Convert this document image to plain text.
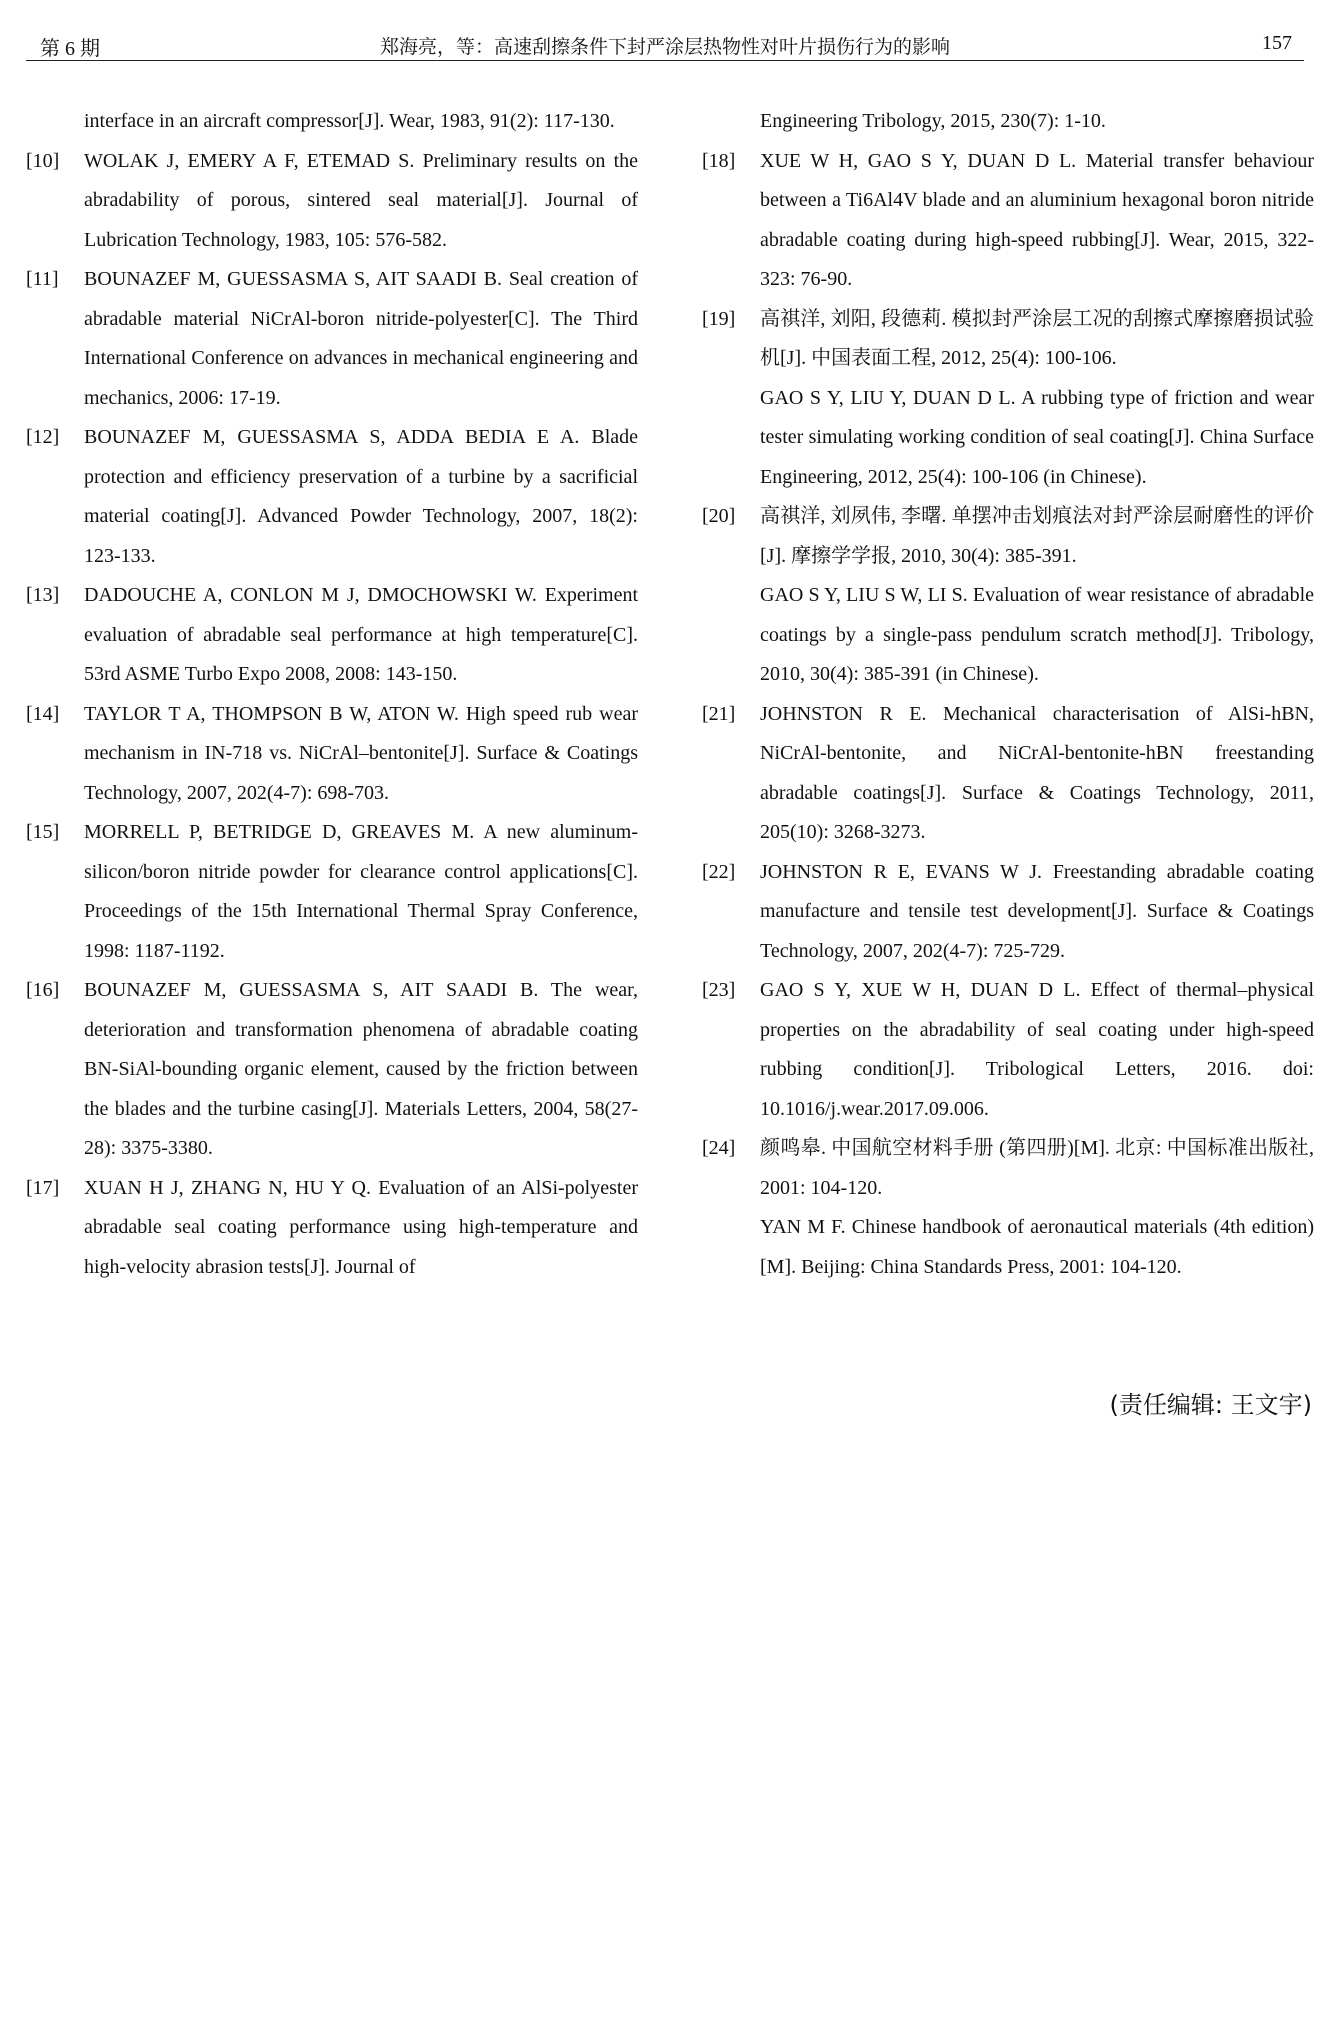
第 6 期	郑海亮，等：高速刮擦条件下封严涂层热物性对叶片损伤行为的影响	157
interface in an aircraft compressor[J]. Wear, 1983, 91(2): 117-130.
[10]	WOLAK J, EMERY A F, ETEMAD S. Preliminary results on the abradability of porous, sintered seal material[J]. Journal of Lubrication Technology, 1983, 105: 576-582.
[11]	BOUNAZEF M, GUESSASMA S, AIT SAADI B. Seal creation of abradable material NiCrAl-boron nitride-polyester[C]. The Third International Conference on advances in mechanical engineering and mechanics, 2006: 17-19.
[12]	BOUNAZEF M, GUESSASMA S, ADDA BEDIA E A. Blade protection and efficiency preservation of a turbine by a sacrificial material coating[J]. Advanced Powder Technology, 2007, 18(2): 123-133.
[13]	DADOUCHE A, CONLON M J, DMOCHOWSKI W. Experiment evaluation of abradable seal performance at high temperature[C]. 53rd ASME Turbo Expo 2008, 2008: 143-150.
[14]	TAYLOR T A, THOMPSON B W, ATON W. High speed rub wear mechanism in IN-718 vs. NiCrAl–bentonite[J]. Surface & Coatings Technology, 2007, 202(4-7): 698-703.
[15]	MORRELL P, BETRIDGE D, GREAVES M. A new aluminum-silicon/boron nitride powder for clearance control applications[C]. Proceedings of the 15th International Thermal Spray Conference, 1998: 1187-1192.
[16]	BOUNAZEF M, GUESSASMA S, AIT SAADI B. The wear, deterioration and transformation phenomena of abradable coating BN-SiAl-bounding organic element, caused by the friction between the blades and the turbine casing[J]. Materials Letters, 2004, 58(27-28): 3375-3380.
[17]	XUAN H J, ZHANG N, HU Y Q. Evaluation of an AlSi-polyester abradable seal coating performance using high-temperature and high-velocity abrasion tests[J]. Journal of
Engineering Tribology, 2015, 230(7): 1-10.
[18]	XUE W H, GAO S Y, DUAN D L. Material transfer behaviour between a Ti6Al4V blade and an aluminium hexagonal boron nitride abradable coating during high-speed rubbing[J]. Wear, 2015, 322-323: 76-90.
[19]	高祺洋, 刘阳, 段德莉. 模拟封严涂层工况的刮擦式摩擦磨损试验机[J]. 中国表面工程, 2012, 25(4): 100-106.
GAO S Y, LIU Y, DUAN D L. A rubbing type of friction and wear tester simulating working condition of seal coating[J]. China Surface Engineering, 2012, 25(4): 100-106 (in Chinese).
[20]	高祺洋, 刘夙伟, 李曙. 单摆冲击划痕法对封严涂层耐磨性的评价[J]. 摩擦学学报, 2010, 30(4): 385-391.
GAO S Y, LIU S W, LI S. Evaluation of wear resistance of abradable coatings by a single-pass pendulum scratch method[J]. Tribology, 2010, 30(4): 385-391 (in Chinese).
[21]	JOHNSTON R E. Mechanical characterisation of AlSi-hBN, NiCrAl-bentonite, and NiCrAl-bentonite-hBN freestanding abradable coatings[J]. Surface & Coatings Technology, 2011, 205(10): 3268-3273.
[22]	JOHNSTON R E, EVANS W J. Freestanding abradable coating manufacture and tensile test development[J]. Surface & Coatings Technology, 2007, 202(4-7): 725-729.
[23]	GAO S Y, XUE W H, DUAN D L. Effect of thermal–physical properties on the abradability of seal coating under high-speed rubbing condition[J]. Tribological Letters, 2016. doi: 10.1016/j.wear.2017.09.006.
[24]	颜鸣皋. 中国航空材料手册 (第四册)[M]. 北京: 中国标准出版社, 2001: 104-120.
YAN M F. Chinese handbook of aeronautical materials (4th edition)[M]. Beijing: China Standards Press, 2001: 104-120.
(责任编辑: 王文宇)
